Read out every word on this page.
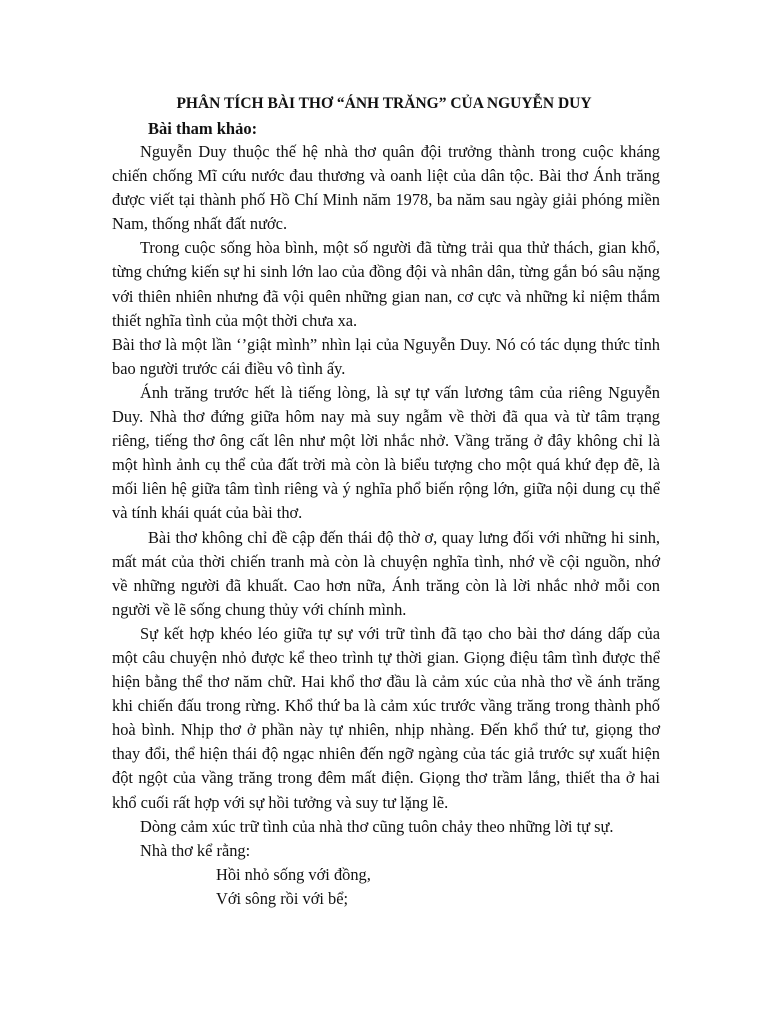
PHÂN TÍCH BÀI THƠ “ÁNH TRĂNG” CỦA NGUYỄN DUY
Bài tham khảo:

Nguyễn Duy thuộc thế hệ nhà thơ quân đội trưởng thành trong cuộc kháng chiến chống Mĩ cứu nước đau thương và oanh liệt của dân tộc. Bài thơ Ánh trăng được viết tại thành phố Hồ Chí Minh năm 1978, ba năm sau ngày giải phóng miền Nam, thống nhất đất nước.

Trong cuộc sống hòa bình, một số người đã từng trải qua thử thách, gian khổ, từng chứng kiến sự hi sinh lớn lao của đồng đội và nhân dân, từng gắn bó sâu nặng với thiên nhiên nhưng đã vội quên những gian nan, cơ cực và những kỉ niệm thắm thiết nghĩa tình của một thời chưa xa.

Bài thơ là một lần ‘’giật mình” nhìn lại của Nguyễn Duy. Nó có tác dụng thức tỉnh bao người trước cái điều vô tình ấy.

Ánh trăng trước hết là tiếng lòng, là sự tự vấn lương tâm của riêng Nguyễn Duy. Nhà thơ đứng giữa hôm nay mà suy ngẫm về thời đã qua và từ tâm trạng riêng, tiếng thơ ông cất lên như một lời nhắc nhở. Vầng trăng ở đây không chỉ là một hình ảnh cụ thể của đất trời mà còn là biểu tượng cho một quá khứ đẹp đẽ, là mối liên hệ giữa tâm tình riêng và ý nghĩa phổ biến rộng lớn, giữa nội dung cụ thể và tính khái quát của bài thơ.

Bài thơ không chỉ đề cập đến thái độ thờ ơ, quay lưng đối với những hi sinh, mất mát của thời chiến tranh mà còn là chuyện nghĩa tình, nhớ về cội nguồn, nhớ về những người đã khuất. Cao hơn nữa, Ánh trăng còn là lời nhắc nhở mỗi con người về lẽ sống chung thủy với chính mình.

Sự kết hợp khéo léo giữa tự sự với trữ tình đã tạo cho bài thơ dáng dấp của một câu chuyện nhỏ được kể theo trình tự thời gian. Giọng điệu tâm tình được thể hiện bằng thể thơ năm chữ. Hai khổ thơ đầu là cảm xúc của nhà thơ về ánh trăng khi chiến đấu trong rừng. Khổ thứ ba là cảm xúc trước vầng trăng trong thành phố hoà bình. Nhịp thơ ở phần này tự nhiên, nhịp nhàng. Đến khổ thứ tư, giọng thơ thay đổi, thể hiện thái độ ngạc nhiên đến ngỡ ngàng của tác giả trước sự xuất hiện đột ngột của vầng trăng trong đêm mất điện. Giọng thơ trầm lắng, thiết tha ở hai khổ cuối rất hợp với sự hồi tưởng và suy tư lặng lẽ.

Dòng cảm xúc trữ tình của nhà thơ cũng tuôn chảy theo những lời tự sự.

Nhà thơ kể rằng:

Hồi nhỏ sống với đồng,
Với sông rồi với bể;
